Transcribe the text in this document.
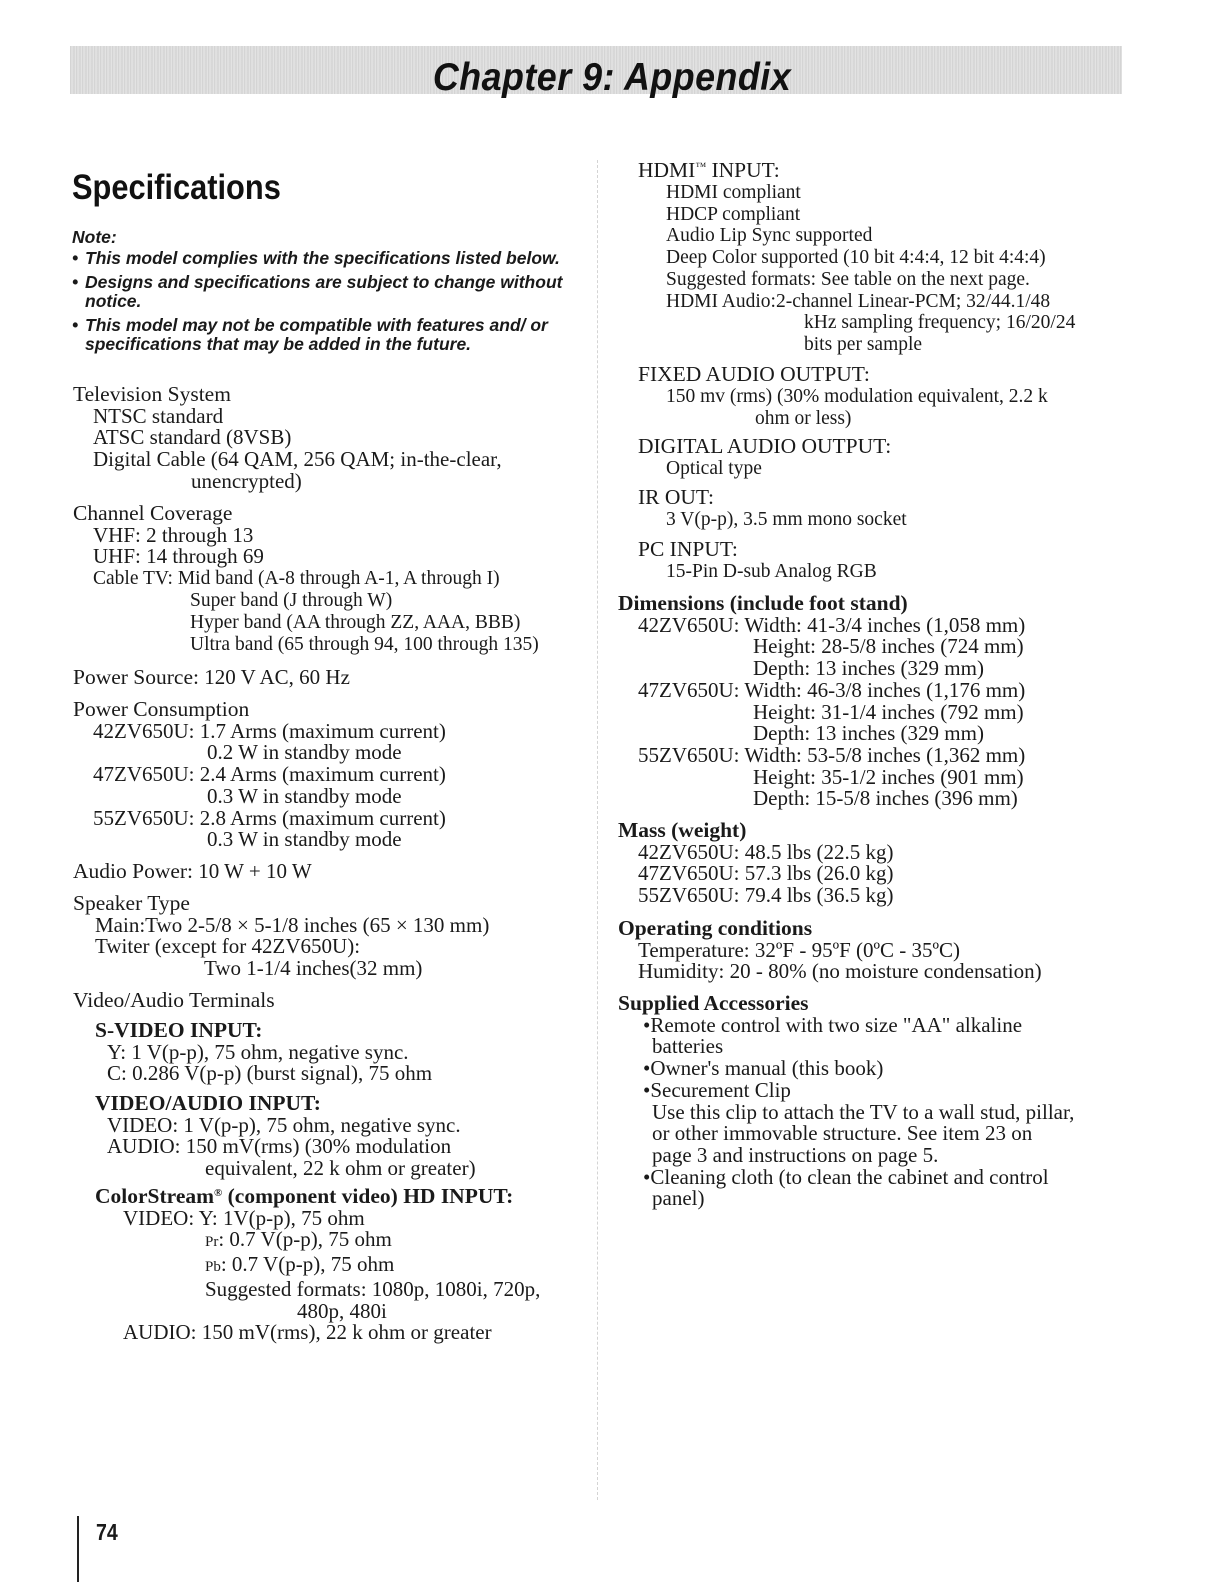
Chapter 9: Appendix
Specifications
Note:
• This model complies with the specifications listed below.
• Designs and specifications are subject to change without notice.
• This model may not be compatible with features and/ or specifications that may be added in the future.
Television System
NTSC standard
ATSC standard (8VSB)
Digital Cable (64 QAM, 256 QAM; in-the-clear,
unencrypted)
Channel Coverage
VHF: 2 through 13
UHF: 14 through 69
Cable TV: Mid band (A-8 through A-1, A through I)
Super band (J through W)
Hyper band (AA through ZZ, AAA, BBB)
Ultra band (65 through 94, 100 through 135)
Power Source: 120 V AC, 60 Hz
Power Consumption
42ZV650U: 1.7 Arms (maximum current)
0.2 W in standby mode
47ZV650U: 2.4 Arms (maximum current)
0.3 W in standby mode
55ZV650U: 2.8 Arms (maximum current)
0.3 W in standby mode
Audio Power: 10 W + 10 W
Speaker Type
Main:Two 2-5/8 × 5-1/8 inches (65 × 130 mm)
Twiter (except for 42ZV650U):
Two 1-1/4 inches(32 mm)
Video/Audio Terminals
S-VIDEO INPUT:
Y: 1 V(p-p), 75 ohm, negative sync.
C: 0.286 V(p-p) (burst signal), 75 ohm
VIDEO/AUDIO INPUT:
VIDEO: 1 V(p-p), 75 ohm, negative sync.
AUDIO: 150 mV(rms) (30% modulation
equivalent, 22 k ohm or greater)
ColorStream® (component video) HD INPUT:
VIDEO: Y: 1V(p-p), 75 ohm
Pr: 0.7 V(p-p), 75 ohm
Pb: 0.7 V(p-p), 75 ohm
Suggested formats: 1080p, 1080i, 720p,
480p, 480i
AUDIO: 150 mV(rms), 22 k ohm or greater
HDMI™ INPUT:
HDMI compliant
HDCP compliant
Audio Lip Sync supported
Deep Color supported (10 bit 4:4:4, 12 bit 4:4:4)
Suggested formats: See table on the next page.
HDMI Audio:2-channel Linear-PCM; 32/44.1/48
kHz sampling frequency; 16/20/24
bits per sample
FIXED AUDIO OUTPUT:
150 mv (rms) (30% modulation equivalent, 2.2 k
ohm or less)
DIGITAL AUDIO OUTPUT:
Optical type
IR OUT:
3 V(p-p), 3.5 mm mono socket
PC INPUT:
15-Pin D-sub Analog RGB
Dimensions (include foot stand)
42ZV650U: Width: 41-3/4 inches (1,058 mm)
Height: 28-5/8 inches (724 mm)
Depth: 13 inches (329 mm)
47ZV650U: Width: 46-3/8 inches (1,176 mm)
Height: 31-1/4 inches (792 mm)
Depth: 13 inches (329 mm)
55ZV650U: Width: 53-5/8 inches (1,362 mm)
Height: 35-1/2 inches (901 mm)
Depth: 15-5/8 inches (396 mm)
Mass (weight)
42ZV650U: 48.5 lbs (22.5 kg)
47ZV650U: 57.3 lbs (26.0 kg)
55ZV650U: 79.4 lbs (36.5 kg)
Operating conditions
Temperature: 32ºF - 95ºF (0ºC - 35ºC)
Humidity: 20 - 80% (no moisture condensation)
Supplied Accessories
•Remote control with two size "AA" alkaline
batteries
•Owner's manual (this book)
•Securement Clip
Use this clip to attach the TV to a wall stud, pillar,
or other immovable structure. See item 23 on
page 3 and instructions on page 5.
•Cleaning cloth (to clean the cabinet and control
panel)
74
